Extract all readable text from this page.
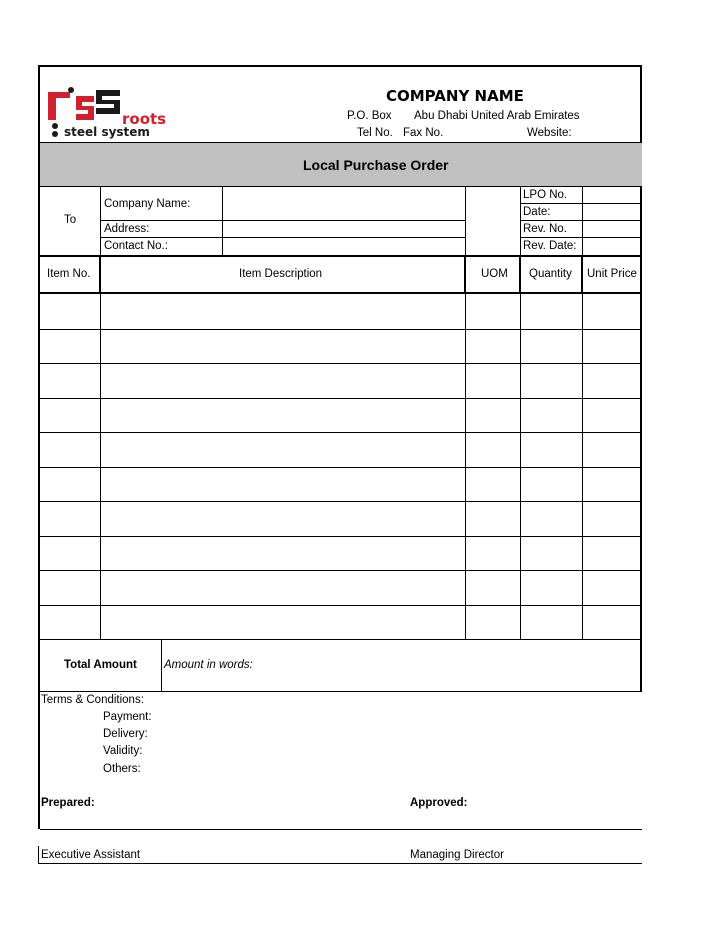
roots
steel system
COMPANY NAME
P.O. Box Abu Dhabi United Arab Emirates
Tel No. Fax No.	Website:
Local Purchase Order
To
Company Name:
Address:
Contact No.:
LPO No.
Date:
Rev. No.
Rev. Date:
Item No.	Item Description	UOM Quantity Unit Price
Total Amount Amount in words:
Terms & Conditions:
Payment:
Delivery:
Validity:
Others:
Prepared:	Approved:
Executive Assistant	Managing Director
